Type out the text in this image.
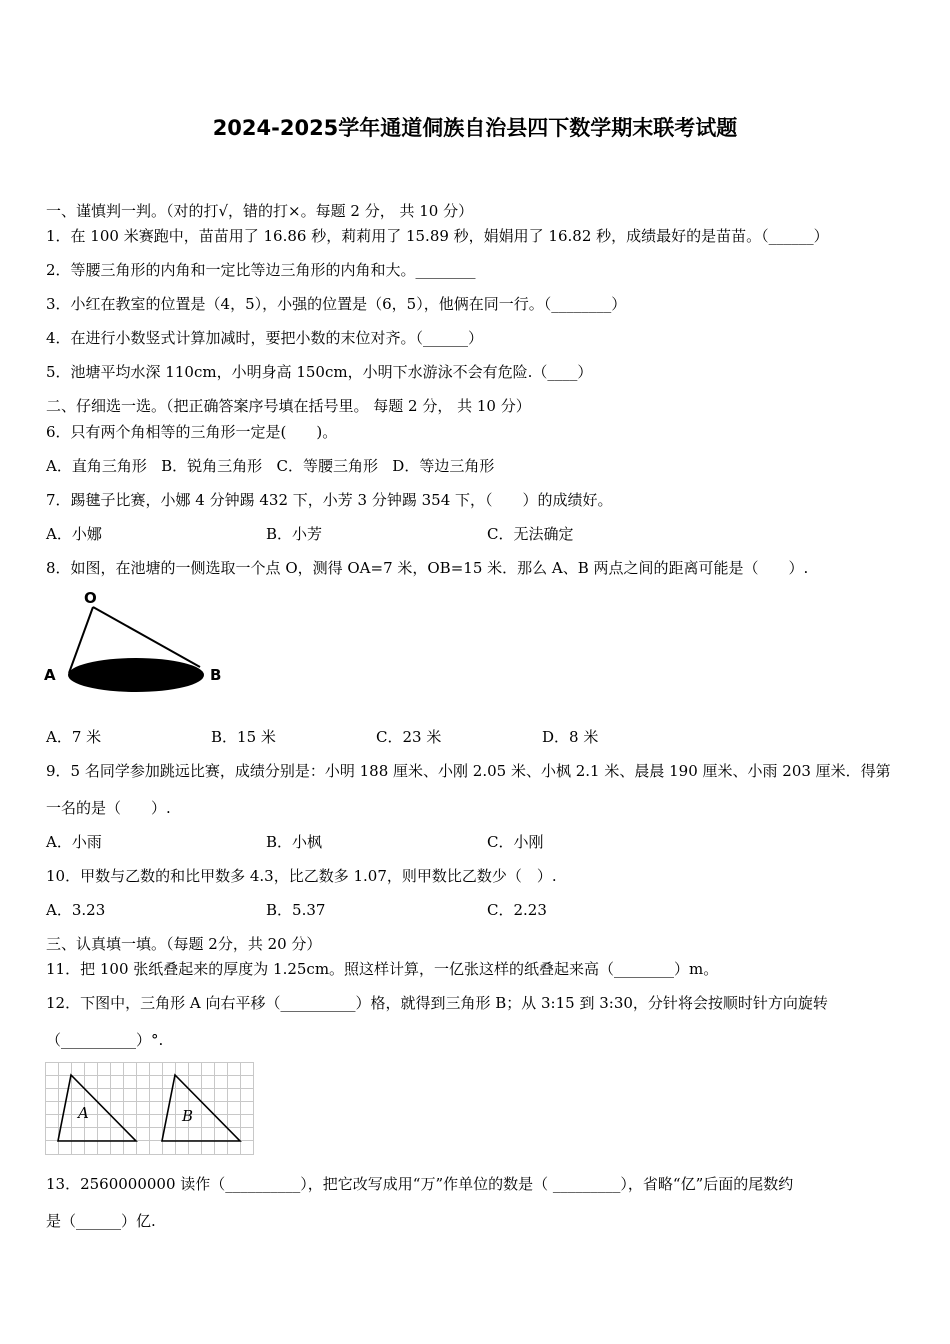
2024-2025学年通道侗族自治县四下数学期末联考试题
一、谨慎判一判。（对的打√，错的打×。每题 2 分， 共 10 分）
1．在 100 米赛跑中，苗苗用了 16.86 秒，莉莉用了 15.89 秒，娟娟用了 16.82 秒，成绩最好的是苗苗。（______）
2．等腰三角形的内角和一定比等边三角形的内角和大。________
3．小红在教室的位置是（4，5），小强的位置是（6，5），他俩在同一行。（________）
4．在进行小数竖式计算加减时，要把小数的末位对齐。（______）
5．池塘平均水深 110cm，小明身高 150cm，小明下水游泳不会有危险.（____）
二、仔细选一选。（把正确答案序号填在括号里。 每题 2 分， 共 10 分）
6．只有两个角相等的三角形一定是(　　)。
A．直角三角形 B．锐角三角形 C．等腰三角形 D．等边三角形
7．踢毽子比赛，小娜 4 分钟踢 432 下，小芳 3 分钟踢 354 下，（　　）的成绩好。
A．小娜	B．小芳	C．无法确定
8．如图，在池塘的一侧选取一个点 O，测得 OA=7 米，OB=15 米．那么 A、B 两点之间的距离可能是（　　）.
O
A	B
A．7 米	B．15 米	C．23 米	D．8 米
9．5 名同学参加跳远比赛，成绩分别是：小明 188 厘米、小刚 2.05 米、小枫 2.1 米、晨晨 190 厘米、小雨 203 厘米．得第
一名的是（　　）.
A．小雨	B．小枫	C．小刚
10．甲数与乙数的和比甲数多 4.3，比乙数多 1.07，则甲数比乙数少（　）.
A．3.23	B．5.37	C．2.23
三、认真填一填。（每题 2分，共 20 分）
11．把 100 张纸叠起来的厚度为 1.25cm。照这样计算，一亿张这样的纸叠起来高（________）m。
12．下图中，三角形 A 向右平移（__________）格，就得到三角形 B；从 3:15 到 3:30，分针将会按顺时针方向旋转
（__________）°.
A	B
13．2560000000 读作（__________），把它改写成用“万”作单位的数是（ _________），省略“亿”后面的尾数约
是（______）亿.
